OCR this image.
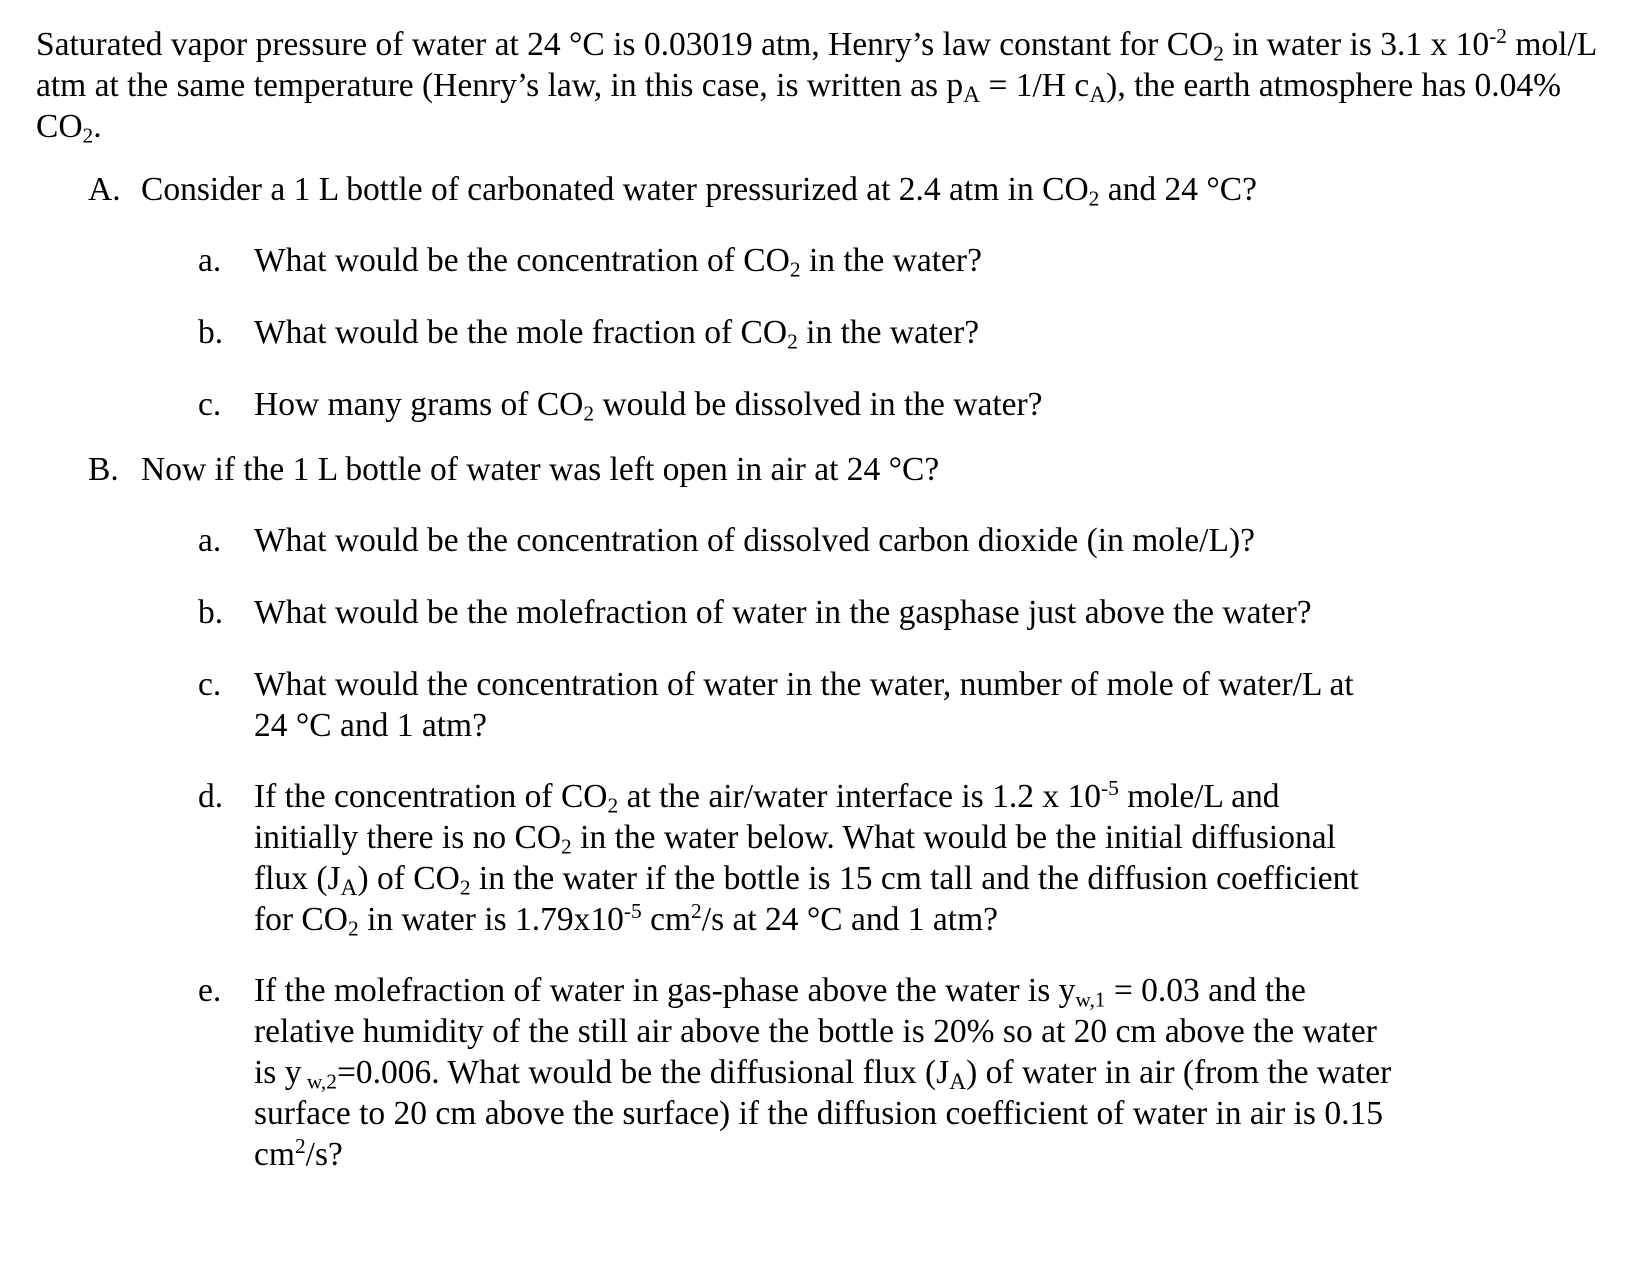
Saturated vapor pressure of water at 24 °C is 0.03019 atm, Henry’s law constant for $CO_2$ in water is 3.1 x $10^{-2}$ mol/L atm at the same temperature (Henry’s law, in this case, is written as $p_A = 1/H$ $c_A$), the earth atmosphere has 0.04% $CO_2$.

A. Consider a 1 L bottle of carbonated water pressurized at 2.4 atm in $CO_2$ and 24 °C?
a. What would be the concentration of $CO_2$ in the water?
b. What would be the mole fraction of $CO_2$ in the water?
c. How many grams of $CO_2$ would be dissolved in the water?
B. Now if the 1 L bottle of water was left open in air at 24 °C?
a. What would be the concentration of dissolved carbon dioxide (in mole/L)?
b. What would be the molefraction of water in the gasphase just above the water?
c. What would the concentration of water in the water, number of mole of water/L at
24 °C and 1 atm?
d. If the concentration of $CO_2$ at the air/water interface is 1.2 x $10^{-5}$ mole/L and initially there is no $CO_2$ in the water below. What would be the initial diffusional flux $(J_A)$ of $CO_2$ in the water if the bottle is 15 cm tall and the diffusion coefficient for $CO_2$ in water is $1.79x10^{-5}$ $cm^2/s$ at 24 °C and 1 atm?
e. If the molefraction of water in gas-phase above the water is $y_{w,1} = 0.03$ and the relative humidity of the still air above the bottle is 20% so at 20 cm above the water is y $_{w,2}$=0.006. What would be the diffusional flux $(J_A)$ of water in air (from the water surface to 20 cm above the surface) if the diffusion coefficient of water in air is 0.15 $cm^2/s$?
